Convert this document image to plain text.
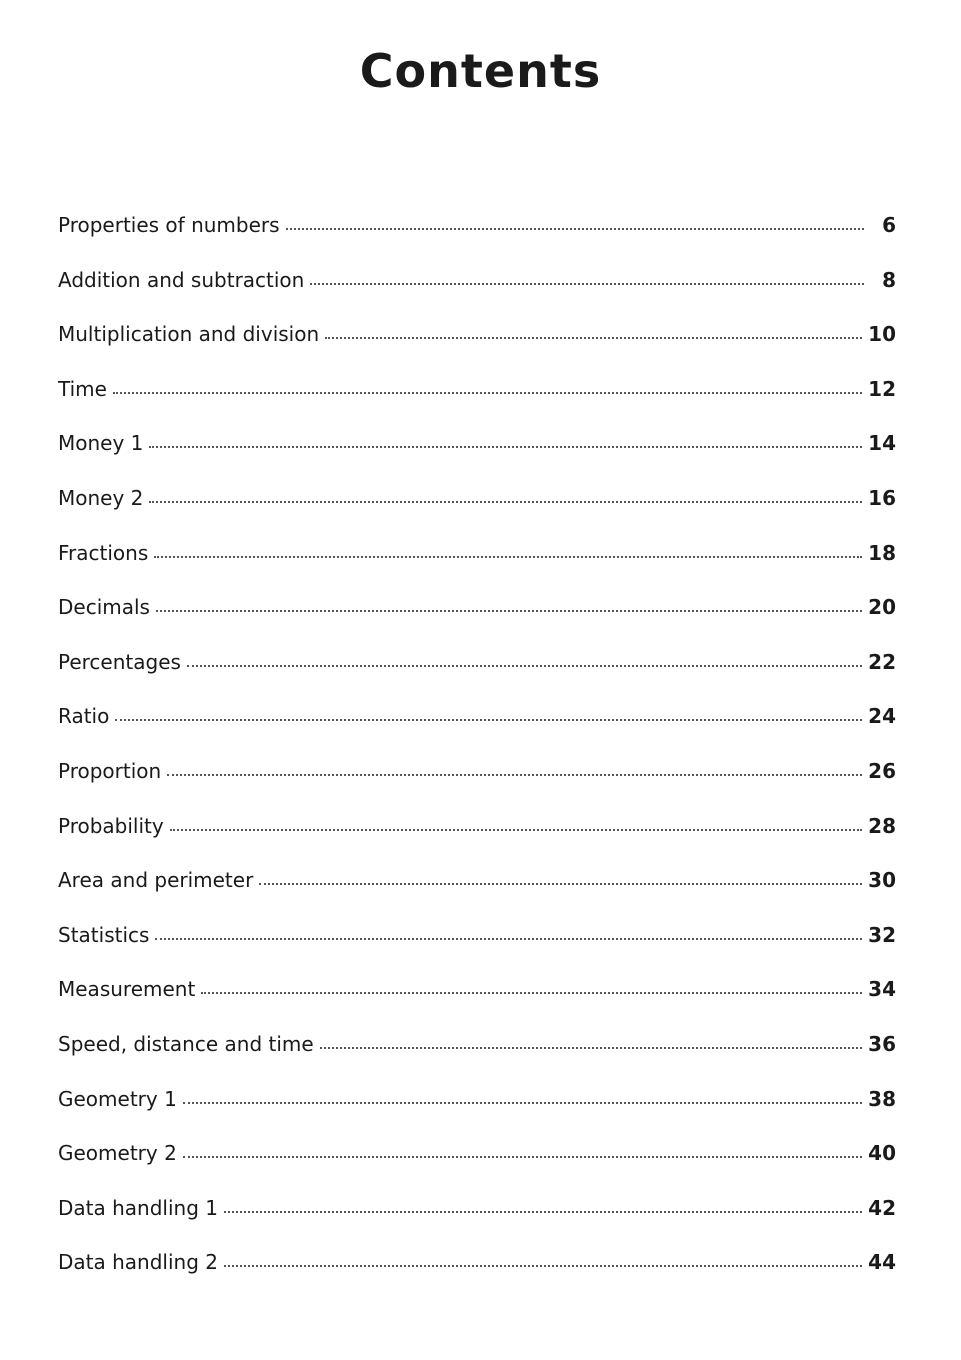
Contents
Properties of numbers	6
Addition and subtraction	8
Multiplication and division	10
Time	12
Money 1	14
Money 2	16
Fractions	18
Decimals	20
Percentages	22
Ratio	24
Proportion	26
Probability	28
Area and perimeter	30
Statistics	32
Measurement	34
Speed, distance and time	36
Geometry 1	38
Geometry 2	40
Data handling 1	42
Data handling 2	44
